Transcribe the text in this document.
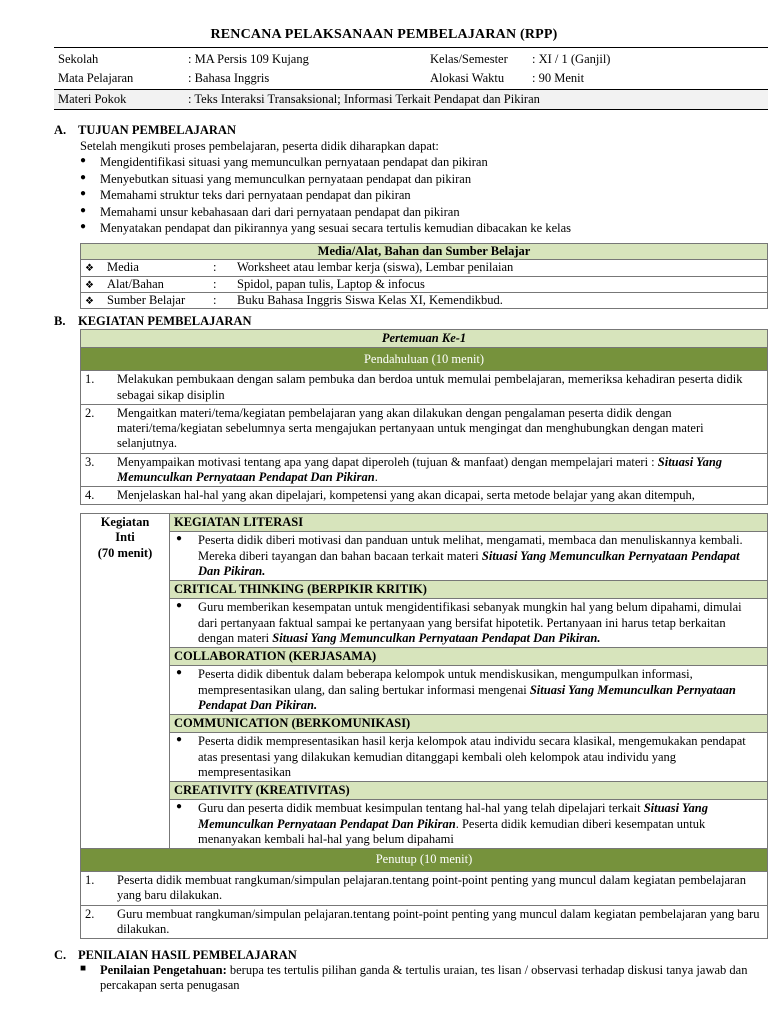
RENCANA PELAKSANAAN PEMBELAJARAN (RPP)
Sekolah	: MA Persis 109 Kujang	Kelas/Semester	: XI / 1 (Ganjil)
Mata Pelajaran	: Bahasa Inggris	Alokasi Waktu	: 90 Menit
Materi Pokok	: Teks Interaksi Transaksional; Informasi Terkait Pendapat dan Pikiran		
A. TUJUAN PEMBELAJARAN
Setelah mengikuti proses pembelajaran, peserta didik diharapkan dapat:
● Mengidentifikasi situasi yang memunculkan pernyataan pendapat dan pikiran
● Menyebutkan situasi yang memunculkan pernyataan pendapat dan pikiran
● Memahami struktur teks dari pernyataan pendapat dan pikiran
● Memahami unsur kebahasaan dari dari pernyataan pendapat dan pikiran
● Menyatakan pendapat dan pikirannya yang sesuai secara tertulis kemudian dibacakan ke kelas
Media/Alat, Bahan dan Sumber Belajar		
❖ Media	:	Worksheet atau lembar kerja (siswa), Lembar penilaian
❖ Alat/Bahan	:	Spidol, papan tulis, Laptop & infocus
❖ Sumber Belajar	:	Buku Bahasa Inggris Siswa Kelas XI, Kemendikbud.
B. KEGIATAN PEMBELAJARAN
Pertemuan Ke-1	
Pendahuluan (10 menit)	
1.	Melakukan pembukaan dengan salam pembuka dan berdoa untuk memulai pembelajaran, memeriksa kehadiran peserta didik sebagai sikap disiplin
2.	Mengaitkan materi/tema/kegiatan pembelajaran yang akan dilakukan dengan pengalaman peserta didik dengan materi/tema/kegiatan sebelumnya serta mengajukan pertanyaan untuk mengingat dan menghubungkan dengan materi selanjutnya.
3.	Menyampaikan motivasi tentang apa yang dapat diperoleh (tujuan & manfaat) dengan mempelajari materi : Situasi Yang Memunculkan Pernyataan Pendapat Dan Pikiran.
4.	Menjelaskan hal-hal yang akan dipelajari, kompetensi yang akan dicapai, serta metode belajar yang akan ditempuh,
Kegiatan
Inti
(70 menit)
	KEGIATAN LITERASI
● Peserta didik diberi motivasi dan panduan untuk melihat, mengamati, membaca dan menuliskannya kembali. Mereka diberi tayangan dan bahan bacaan terkait materi Situasi Yang Memunculkan Pernyataan Pendapat Dan Pikiran.
CRITICAL THINKING (BERPIKIR KRITIK)
● Guru memberikan kesempatan untuk mengidentifikasi sebanyak mungkin hal yang belum dipahami, dimulai dari pertanyaan faktual sampai ke pertanyaan yang bersifat hipotetik. Pertanyaan ini harus tetap berkaitan dengan materi Situasi Yang Memunculkan Pernyataan Pendapat Dan Pikiran.
COLLABORATION (KERJASAMA)
● Peserta didik dibentuk dalam beberapa kelompok untuk mendiskusikan, mengumpulkan informasi, mempresentasikan ulang, dan saling bertukar informasi mengenai Situasi Yang Memunculkan Pernyataan Pendapat Dan Pikiran.
COMMUNICATION (BERKOMUNIKASI)
● Peserta didik mempresentasikan hasil kerja kelompok atau individu secara klasikal, mengemukakan pendapat atas presentasi yang dilakukan kemudian ditanggapi kembali oleh kelompok atau individu yang mempresentasikan
CREATIVITY (KREATIVITAS)
● Guru dan peserta didik membuat kesimpulan tentang hal-hal yang telah dipelajari terkait Situasi Yang Memunculkan Pernyataan Pendapat Dan Pikiran. Peserta didik kemudian diberi kesempatan untuk menanyakan kembali hal-hal yang belum dipahami
Penutup (10 menit)	
1.	Peserta didik membuat rangkuman/simpulan pelajaran.tentang point-point penting yang muncul dalam kegiatan pembelajaran yang baru dilakukan.
2.	Guru membuat rangkuman/simpulan pelajaran.tentang point-point penting yang muncul dalam kegiatan pembelajaran yang baru dilakukan.
C. PENILAIAN HASIL PEMBELAJARAN
■ Penilaian Pengetahuan: berupa tes tertulis pilihan ganda & tertulis uraian, tes lisan / observasi terhadap diskusi tanya jawab dan percakapan serta penugasan
